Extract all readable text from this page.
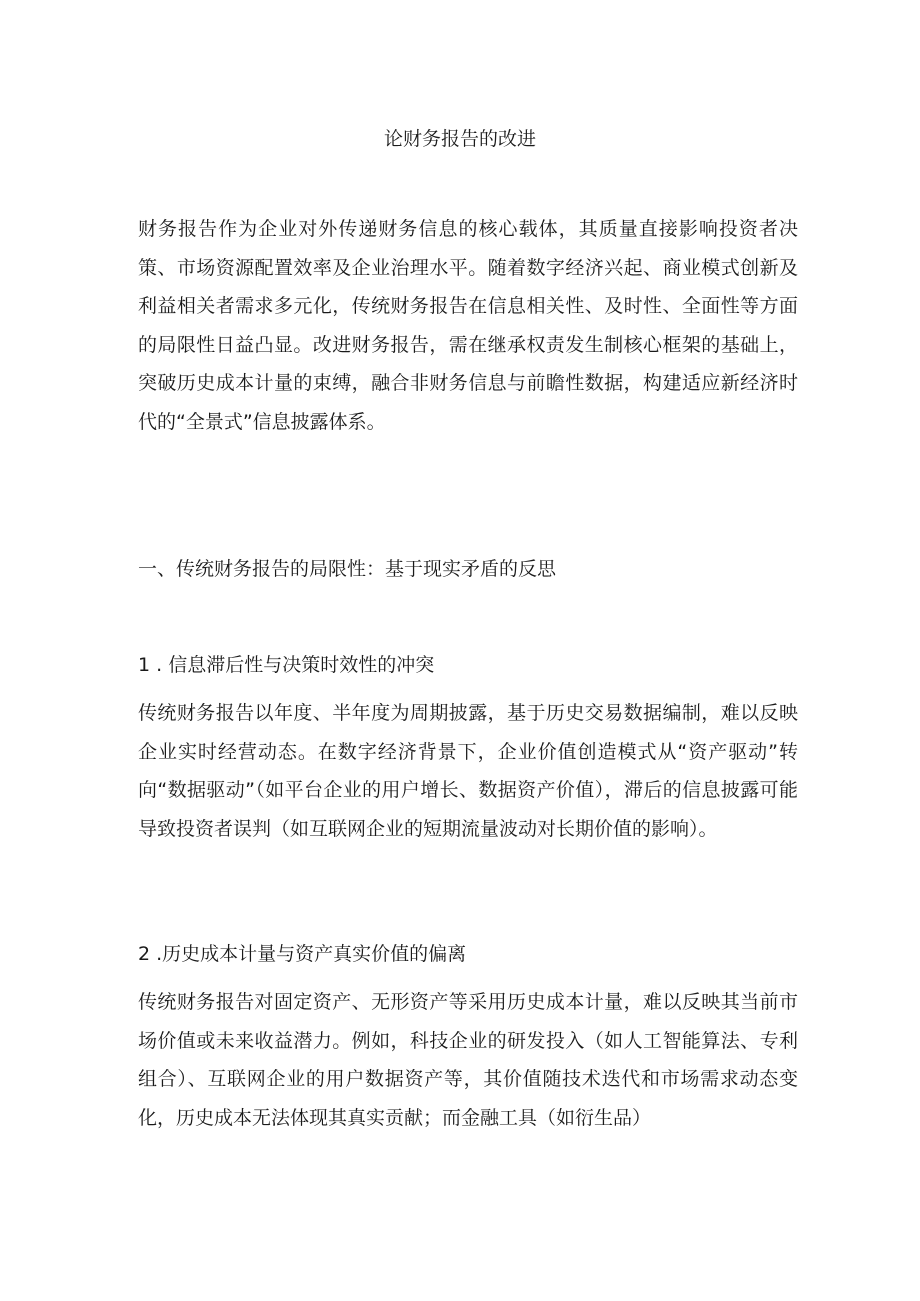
论财务报告的改进

财务报告作为企业对外传递财务信息的核心载体，其质量直接影响投资者决策、市场资源配置效率及企业治理水平。随着数字经济兴起、商业模式创新及利益相关者需求多元化，传统财务报告在信息相关性、及时性、全面性等方面的局限性日益凸显。改进财务报告，需在继承权责发生制核心框架的基础上，突破历史成本计量的束缚，融合非财务信息与前瞻性数据，构建适应新经济时代的“全景式”信息披露体系。

一、传统财务报告的局限性：基于现实矛盾的反思
1 . 信息滞后性与决策时效性的冲突

传统财务报告以年度、半年度为周期披露，基于历史交易数据编制，难以反映企业实时经营动态。在数字经济背景下，企业价值创造模式从“资产驱动”转向“数据驱动”（如平台企业的用户增长、数据资产价值），滞后的信息披露可能导致投资者误判（如互联网企业的短期流量波动对长期价值的影响）。

2 .历史成本计量与资产真实价值的偏离

传统财务报告对固定资产、无形资产等采用历史成本计量，难以反映其当前市场价值或未来收益潜力。例如，科技企业的研发投入（如人工智能算法、专利组合）、互联网企业的用户数据资产等，其价值随技术迭代和市场需求动态变化，历史成本无法体现其真实贡献；而金融工具（如衍生品）
